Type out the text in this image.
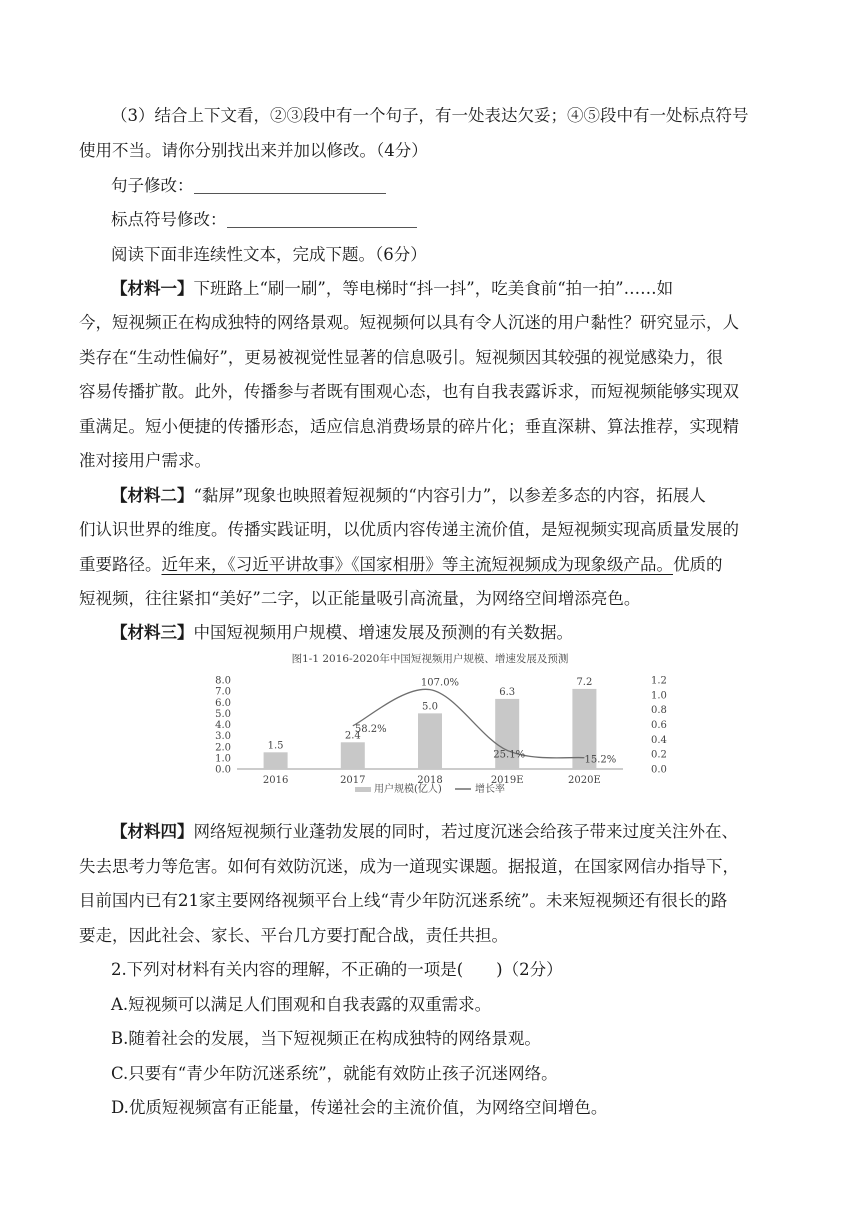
（3）结合上下文看，②③段中有一个句子，有一处表达欠妥；④⑤段中有一处标点符号
使用不当。请你分别找出来并加以修改。（4分）
句子修改：
标点符号修改：
阅读下面非连续性文本，完成下题。（6分）
【材料一】下班路上“刷一刷”，等电梯时“抖一抖”，吃美食前“拍一拍”……如
今，短视频正在构成独特的网络景观。短视频何以具有令人沉迷的用户黏性？研究显示，人
类存在“生动性偏好”，更易被视觉性显著的信息吸引。短视频因其较强的视觉感染力，很
容易传播扩散。此外，传播参与者既有围观心态，也有自我表露诉求，而短视频能够实现双
重满足。短小便捷的传播形态，适应信息消费场景的碎片化；垂直深耕、算法推荐，实现精
准对接用户需求。
【材料二】“黏屏”现象也映照着短视频的“内容引力”，以参差多态的内容，拓展人
们认识世界的维度。传播实践证明，以优质内容传递主流价值，是短视频实现高质量发展的
重要路径。近年来，《习近平讲故事》《国家相册》等主流短视频成为现象级产品。优质的
短视频，往往紧扣“美好”二字，以正能量吸引高流量，为网络空间增添亮色。
【材料三】中国短视频用户规模、增速发展及预测的有关数据。
图1-1 2016-2020年中国短视频用户规模、增速发展及预测
0.0
1.0
2.0
3.0
4.0
5.0
6.0
7.0
8.0
0.0
0.2
0.4
0.6
0.8
1.0
1.2
1.5
2.4
5.0
6.3
7.2
2016	2017	2018	2019E	2020E
58.2%
107.0%
25.1%	15.2%
用户规模(亿人)	增长率
【材料四】网络短视频行业蓬勃发展的同时，若过度沉迷会给孩子带来过度关注外在、
失去思考力等危害。如何有效防沉迷，成为一道现实课题。据报道，在国家网信办指导下，
目前国内已有21家主要网络视频平台上线“青少年防沉迷系统”。未来短视频还有很长的路
要走，因此社会、家长、平台几方要打配合战，责任共担。
2.下列对材料有关内容的理解，不正确的一项是(　　)（2分）
A.短视频可以满足人们围观和自我表露的双重需求。
B.随着社会的发展，当下短视频正在构成独特的网络景观。
C.只要有“青少年防沉迷系统”，就能有效防止孩子沉迷网络。
D.优质短视频富有正能量，传递社会的主流价值，为网络空间增色。
